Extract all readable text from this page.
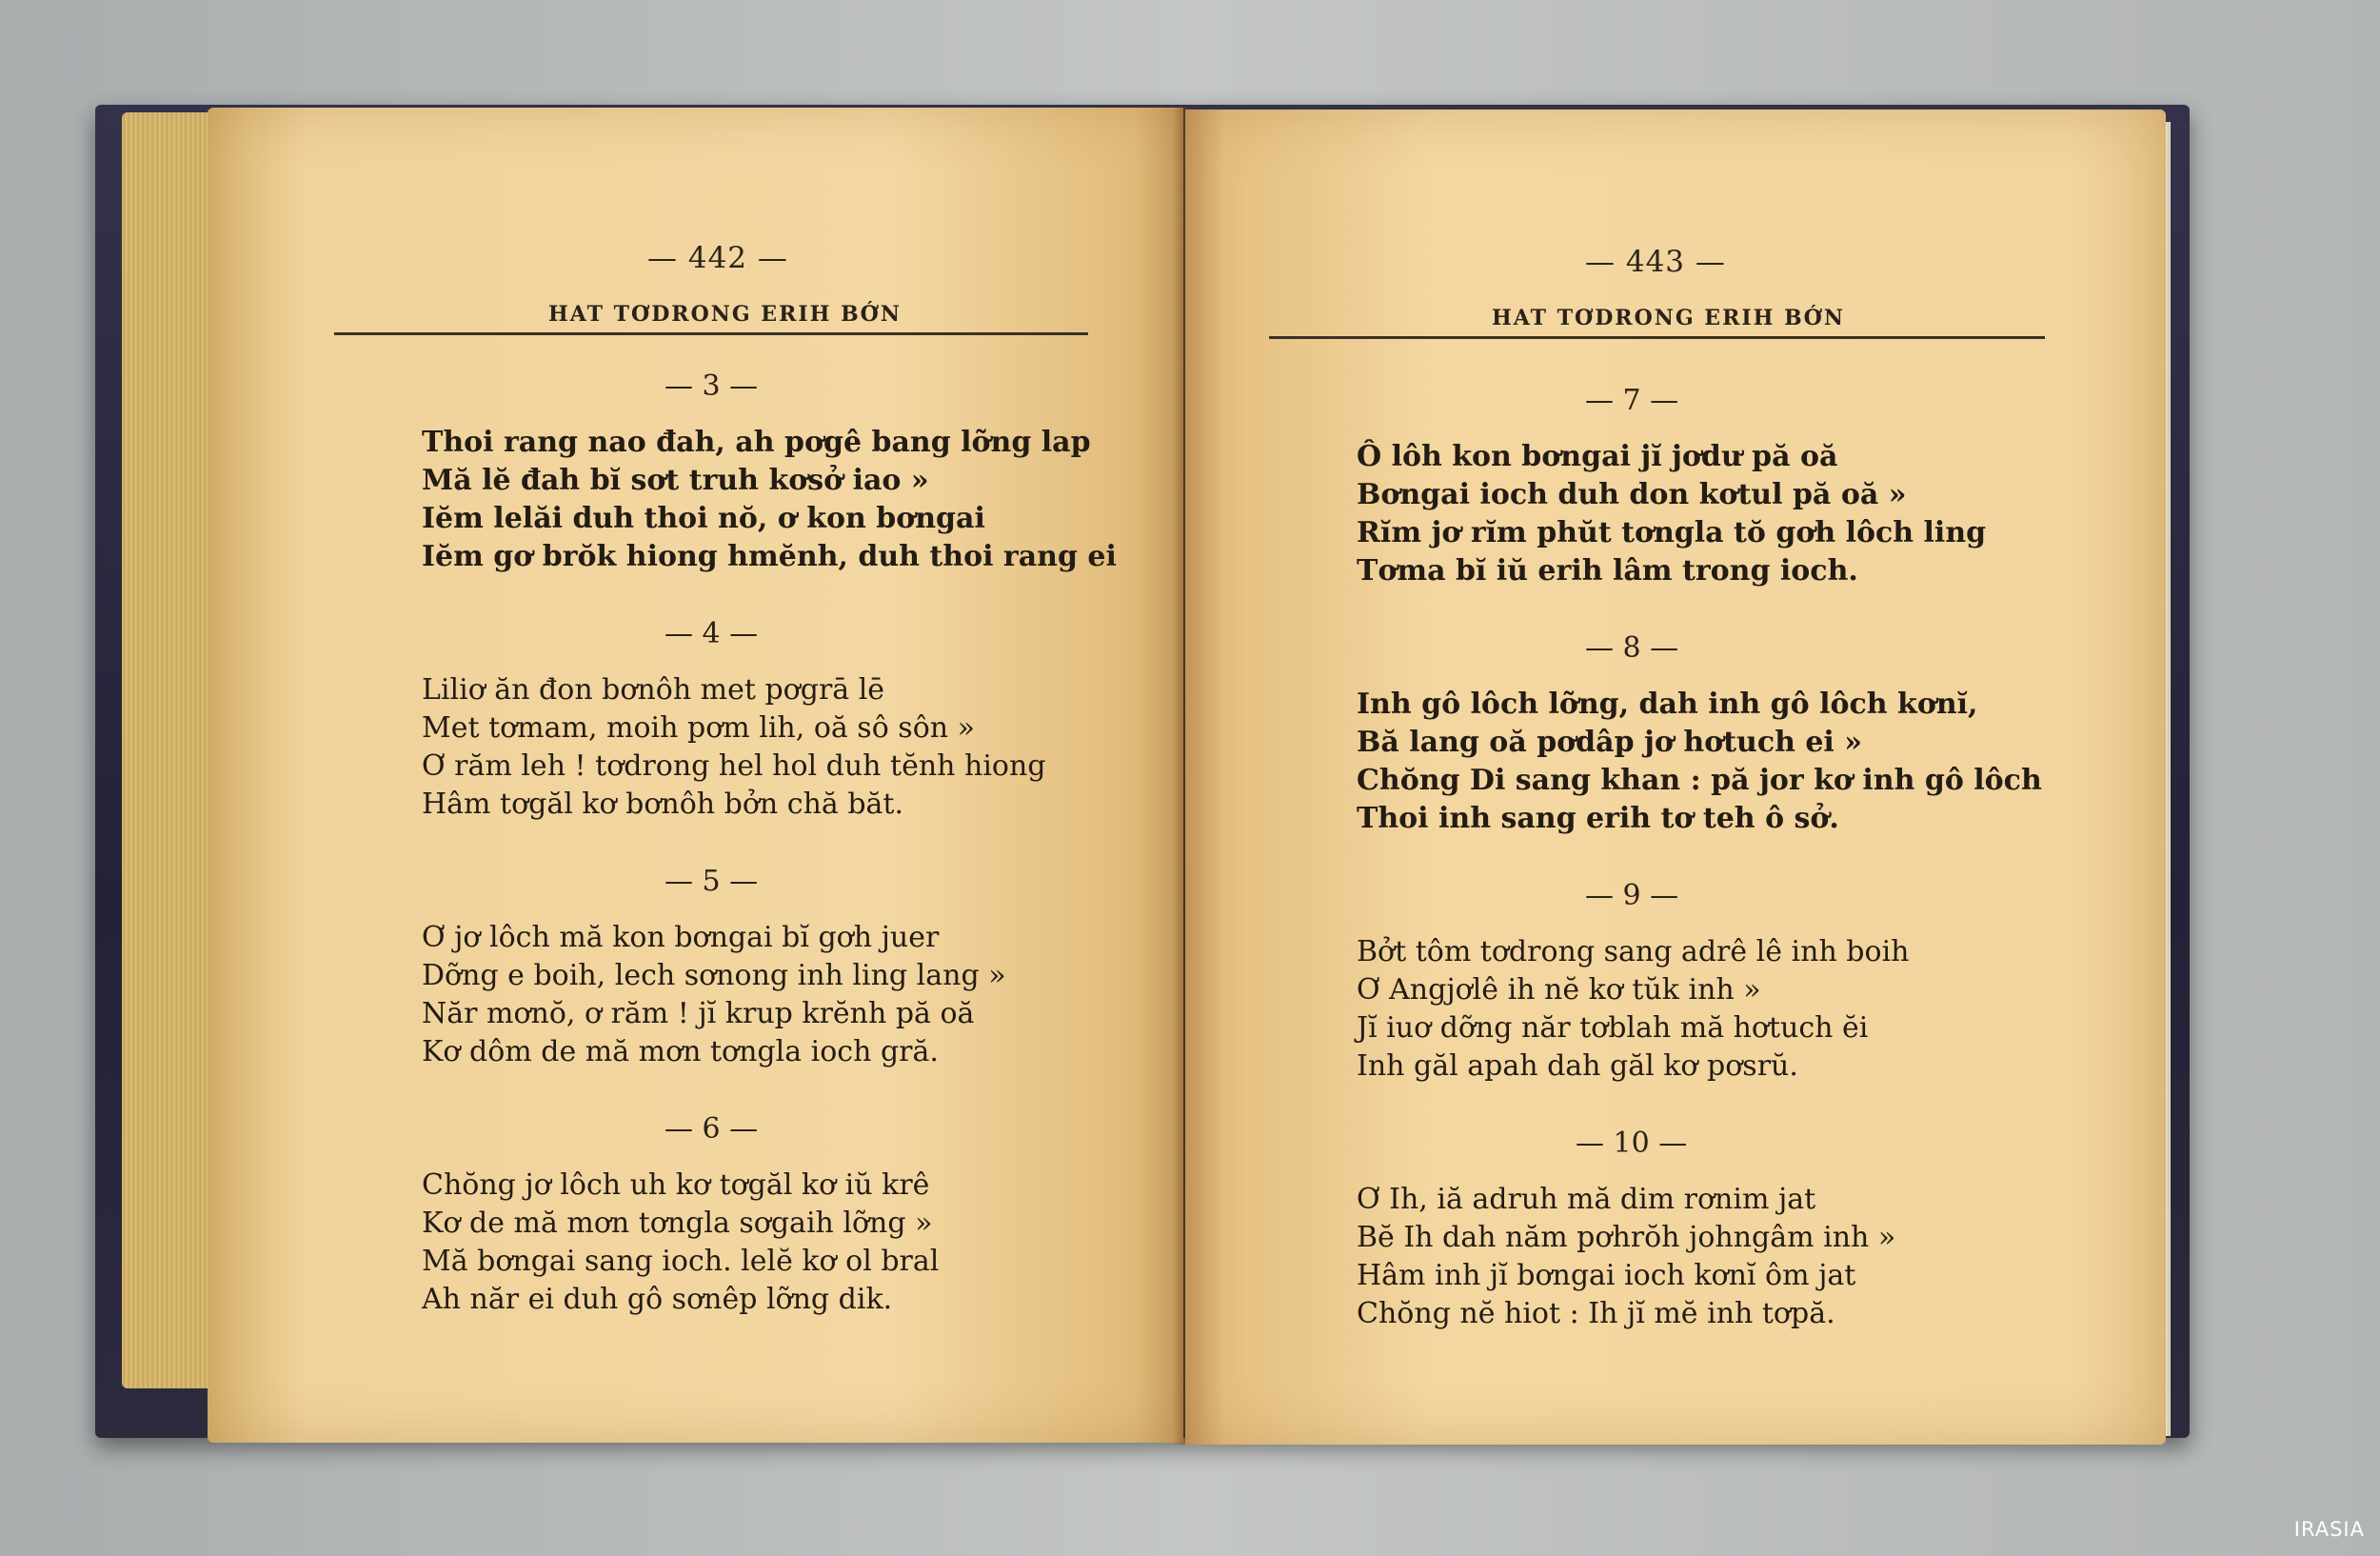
— 442 —
HAT TƠDRONG ERIH BỚN
— 3 —
Thoi rang nao đah, ah pơgê bang lỡng lap
Mă lĕ đah bĭ sơt truh kơsở iao »
Iĕm lelăi duh thoi nŏ, ơ kon bơngai
Iĕm gơ brŏk hiong hmĕnh, duh thoi rang ei
— 4 —
Liliơ ăn đon bơnôh met pơgrā lē
Met tơmam, moih pơm lih, oă sô sôn »
Ơ răm leh ! tơdrong hel hol duh tĕnh hiong
Hâm tơgăl kơ bơnôh bởn chă băt.
— 5 —
Ơ jơ lôch mă kon bơngai bĭ gơh juer
Dỡng e boih, lech sơnong inh ling lang »
Năr mơnŏ, ơ răm ! jĭ krup krĕnh pă oă
Kơ dôm de mă mơn tơngla ioch gră.
— 6 —
Chŏng jơ lôch uh kơ tơgăl kơ iŭ krê
Kơ de mă mơn tơngla sơgaih lỡng »
Mă bơngai sang ioch. lelĕ kơ ol bral
Ah năr ei duh gô sơnêp lỡng dik.
— 443 —
HAT TƠDRONG ERIH BỚN
— 7 —
Ô lôh kon bơngai jĭ jơdư pă oă
Bơngai ioch duh don kơtul pă oă »
Rĭm jơ rĭm phŭt tơngla tŏ gơh lôch ling
Tơma bĭ iŭ erih lâm trong ioch.
— 8 —
Inh gô lôch lỡng, dah inh gô lôch kơnĭ,
Bă lang oă pơdâp jơ hơtuch ei »
Chŏng Di sang khan : pă jor kơ inh gô lôch
Thoi inh sang erih tơ teh ô sở.
— 9 —
Bởt tôm tơdrong sang adrê lê inh boih
Ơ Angjơlê ih nĕ kơ tŭk inh »
Jĭ iuơ dỡng năr tơblah mă hơtuch ĕi
Inh găl apah dah găl kơ pơsrŭ.
— 10 —
Ơ Ih, iă adruh mă dim rơnim jat
Bĕ Ih dah năm pơhrŏh johngâm inh »
Hâm inh jĭ bơngai ioch kơnĭ ôm jat
Chŏng nĕ hiot : Ih jĭ mĕ inh tơpă.
IRASIA
